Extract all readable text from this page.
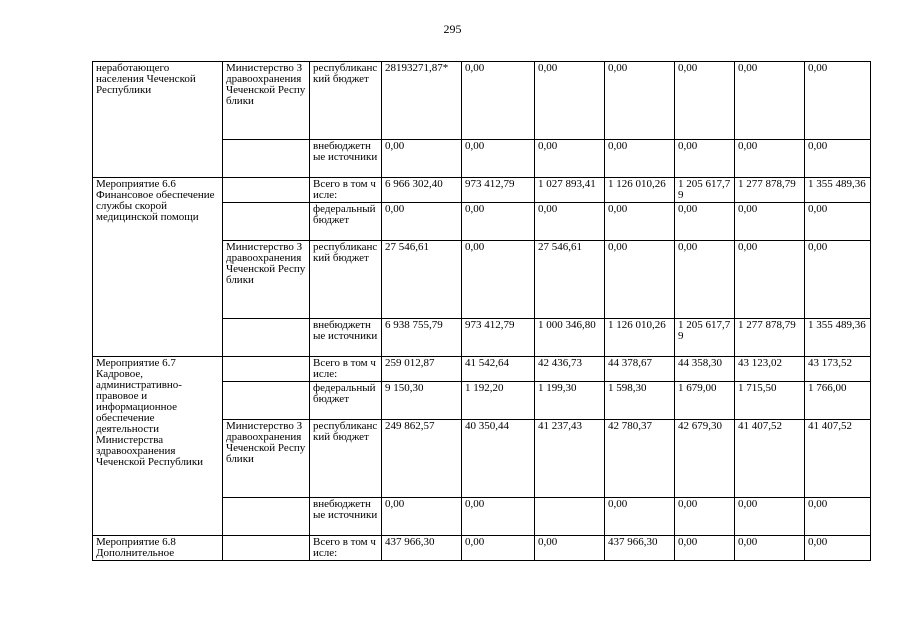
295
неработающего населения Чеченской Республики	Министерство Здравоохранения Чеченской Республики	республиканский бюджет	28193271,87*	0,00	0,00	0,00	0,00	0,00	0,00
		внебюджетные источники	0,00	0,00	0,00	0,00	0,00	0,00	0,00
Мероприятие 6.6 Финансовое обеспечение службы скорой медицинской помощи		Всего в том числе:	6 966 302,40	973 412,79	1 027 893,41	1 126 010,26	1 205 617,79	1 277 878,79	1 355 489,36
		федеральный бюджет	0,00	0,00	0,00	0,00	0,00	0,00	0,00
	Министерство Здравоохранения Чеченской Республики	республиканский бюджет	27 546,61	0,00	27 546,61	0,00	0,00	0,00	0,00
		внебюджетные источники	6 938 755,79	973 412,79	1 000 346,80	1 126 010,26	1 205 617,79	1 277 878,79	1 355 489,36
Мероприятие 6.7 Кадровое, административно-правовое и информационное обеспечение деятельности Министерства здравоохранения Чеченской Республики		Всего в том числе:	259 012,87	41 542,64	42 436,73	44 378,67	44 358,30	43 123,02	43 173,52
		федеральный бюджет	9 150,30	1 192,20	1 199,30	1 598,30	1 679,00	1 715,50	1 766,00
	Министерство Здравоохранения Чеченской Республики	республиканский бюджет	249 862,57	40 350,44	41 237,43	42 780,37	42 679,30	41 407,52	41 407,52
		внебюджетные источники	0,00	0,00		0,00	0,00	0,00	0,00
Мероприятие 6.8 Дополнительное		Всего в том числе:	437 966,30	0,00	0,00	437 966,30	0,00	0,00	0,00
